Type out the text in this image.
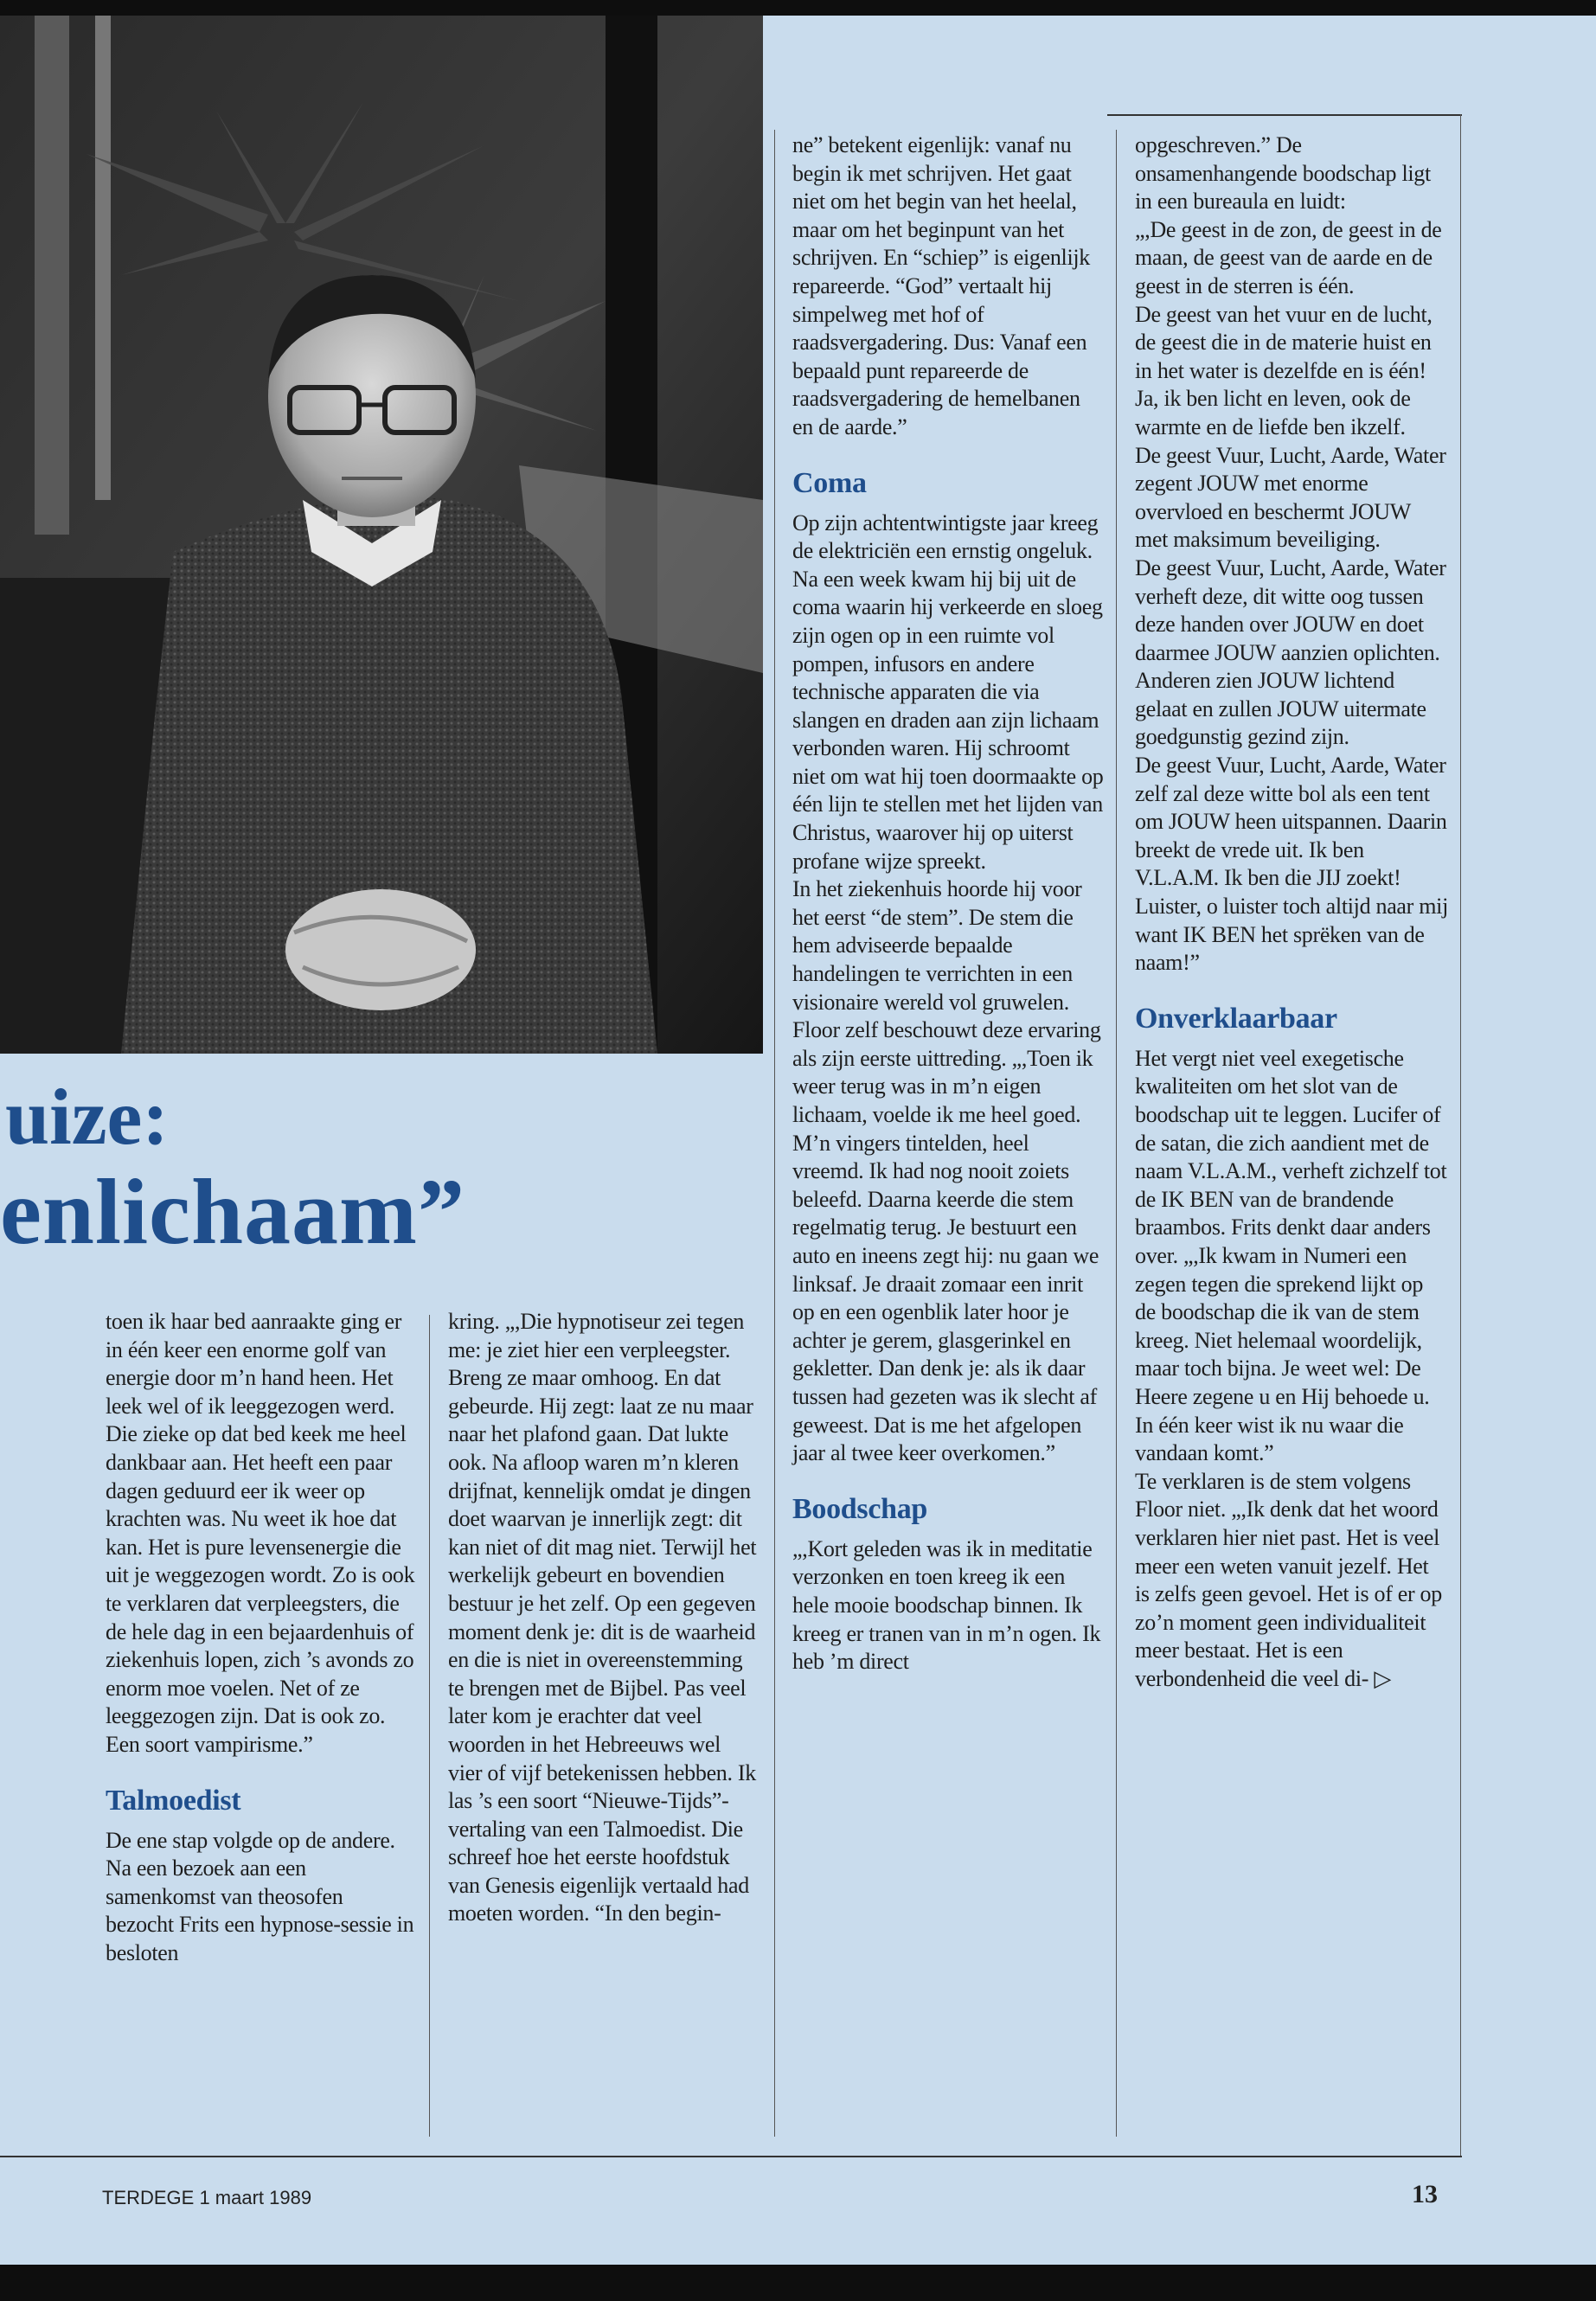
uize:
enlichaam”

toen ik haar bed aanraakte ging er in één keer een enorme golf van energie door m’n hand heen. Het leek wel of ik leeggezogen werd. Die zieke op dat bed keek me heel dankbaar aan. Het heeft een paar dagen geduurd eer ik weer op krachten was. Nu weet ik hoe dat kan. Het is pure levensenergie die uit je weggezogen wordt. Zo is ook te verklaren dat verpleegsters, die de hele dag in een bejaardenhuis of ziekenhuis lopen, zich ’s avonds zo enorm moe voelen. Net of ze leeggezogen zijn. Dat is ook zo. Een soort vampirisme.”

Talmoedist

De ene stap volgde op de andere. Na een bezoek aan een samenkomst van theosofen bezocht Frits een hypnose-sessie in besloten

kring. „,Die hypnotiseur zei tegen me: je ziet hier een verpleegster. Breng ze maar omhoog. En dat gebeurde. Hij zegt: laat ze nu maar naar het plafond gaan. Dat lukte ook. Na afloop waren m’n kleren drijfnat, kennelijk omdat je dingen doet waarvan je innerlijk zegt: dit kan niet of dit mag niet. Terwijl het werkelijk gebeurt en bovendien bestuur je het zelf. Op een gegeven moment denk je: dit is de waarheid en die is niet in overeenstemming te brengen met de Bijbel. Pas veel later kom je erachter dat veel woorden in het Hebreeuws wel vier of vijf betekenissen hebben. Ik las ’s een soort “Nieuwe-Tijds”-vertaling van een Talmoedist. Die schreef hoe het eerste hoofdstuk van Genesis eigenlijk vertaald had moeten worden. “In den begin-

ne” betekent eigenlijk: vanaf nu begin ik met schrijven. Het gaat niet om het begin van het heelal, maar om het beginpunt van het schrijven. En “schiep” is eigenlijk repareerde. “God” vertaalt hij simpelweg met hof of raadsvergadering. Dus: Vanaf een bepaald punt repareerde de raadsvergadering de hemelbanen en de aarde.”

Coma

Op zijn achtentwintigste jaar kreeg de elektriciën een ernstig ongeluk. Na een week kwam hij bij uit de coma waarin hij verkeerde en sloeg zijn ogen op in een ruimte vol pompen, infusors en andere technische apparaten die via slangen en draden aan zijn lichaam verbonden waren. Hij schroomt niet om wat hij toen doormaakte op één lijn te stellen met het lijden van Christus, waarover hij op uiterst profane wijze spreekt.

In het ziekenhuis hoorde hij voor het eerst “de stem”. De stem die hem adviseerde bepaalde handelingen te verrichten in een visionaire wereld vol gruwelen. Floor zelf beschouwt deze ervaring als zijn eerste uittreding. „,Toen ik weer terug was in m’n eigen lichaam, voelde ik me heel goed. M’n vingers tintelden, heel vreemd. Ik had nog nooit zoiets beleefd. Daarna keerde die stem regelmatig terug. Je bestuurt een auto en ineens zegt hij: nu gaan we linksaf. Je draait zomaar een inrit op en een ogenblik later hoor je achter je gerem, glasgerinkel en gekletter. Dan denk je: als ik daar tussen had gezeten was ik slecht af geweest. Dat is me het afgelopen jaar al twee keer overkomen.”

Boodschap

„,Kort geleden was ik in meditatie verzonken en toen kreeg ik een hele mooie boodschap binnen. Ik kreeg er tranen van in m’n ogen. Ik heb ’m direct

opgeschreven.” De onsamenhangende boodschap ligt in een bureaula en luidt:

„,De geest in de zon, de geest in de maan, de geest van de aarde en de geest in de sterren is één.

De geest van het vuur en de lucht, de geest die in de materie huist en in het water is dezelfde en is één!

Ja, ik ben licht en leven, ook de warmte en de liefde ben ikzelf.

De geest Vuur, Lucht, Aarde, Water zegent JOUW met enorme overvloed en beschermt JOUW met maksimum beveiliging.

De geest Vuur, Lucht, Aarde, Water verheft deze, dit witte oog tussen deze handen over JOUW en doet daarmee JOUW aanzien oplichten. Anderen zien JOUW lichtend gelaat en zullen JOUW uitermate goedgunstig gezind zijn.

De geest Vuur, Lucht, Aarde, Water zelf zal deze witte bol als een tent om JOUW heen uitspannen. Daarin breekt de vrede uit. Ik ben V.L.A.M. Ik ben die JIJ zoekt! Luister, o luister toch altijd naar mij want IK BEN het sprëken van de naam!”

Onverklaarbaar

Het vergt niet veel exegetische kwaliteiten om het slot van de boodschap uit te leggen. Lucifer of de satan, die zich aandient met de naam V.L.A.M., verheft zichzelf tot de IK BEN van de brandende braambos. Frits denkt daar anders over. „,Ik kwam in Numeri een zegen tegen die sprekend lijkt op de boodschap die ik van de stem kreeg. Niet helemaal woordelijk, maar toch bijna. Je weet wel: De Heere zegene u en Hij behoede u. In één keer wist ik nu waar die vandaan komt.”

Te verklaren is de stem volgens Floor niet. „,Ik denk dat het woord verklaren hier niet past. Het is veel meer een weten vanuit jezelf. Het is zelfs geen gevoel. Het is of er op zo’n moment geen individualiteit meer bestaat. Het is een verbondenheid die veel di- ▷

TERDEGE 1 maart 1989	13
